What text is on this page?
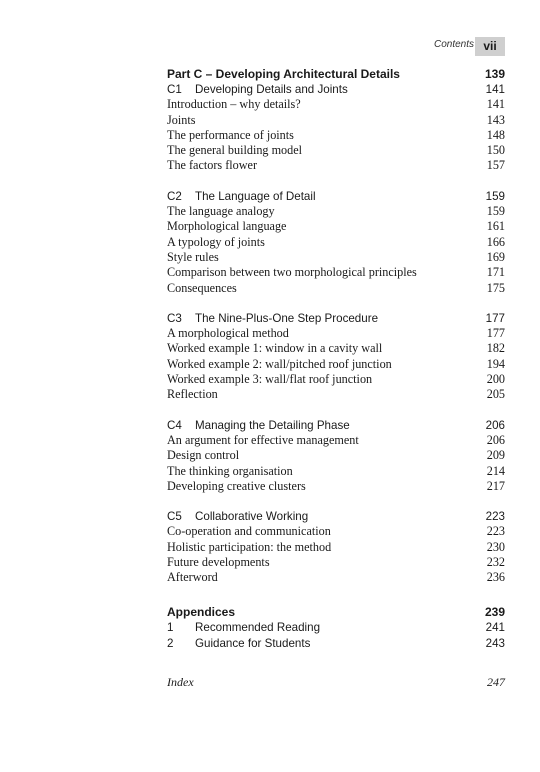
Contents vii
Part C – Developing Architectural Details	139
C1 Developing Details and Joints	141
Introduction – why details?	141
Joints	143
The performance of joints	148
The general building model	150
The factors flower	157
C2 The Language of Detail	159
The language analogy	159
Morphological language	161
A typology of joints	166
Style rules	169
Comparison between two morphological principles	171
Consequences	175
C3 The Nine-Plus-One Step Procedure	177
A morphological method	177
Worked example 1: window in a cavity wall	182
Worked example 2: wall/pitched roof junction	194
Worked example 3: wall/flat roof junction	200
Reflection	205
C4 Managing the Detailing Phase	206
An argument for effective management	206
Design control	209
The thinking organisation	214
Developing creative clusters	217
C5 Collaborative Working	223
Co-operation and communication	223
Holistic participation: the method	230
Future developments	232
Afterword	236
Appendices	239
1 Recommended Reading	241
2 Guidance for Students	243
Index	247
